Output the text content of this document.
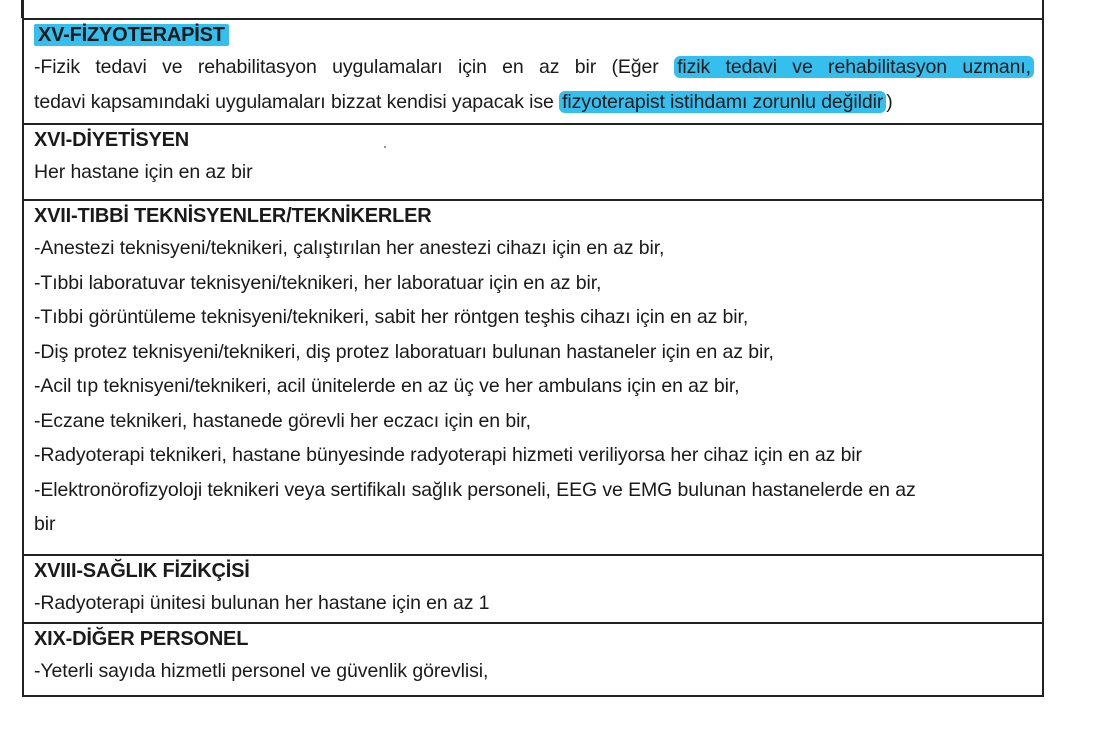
XV-FİZYOTERAPİST
-Fizik tedavi ve rehabilitasyon uygulamaları için en az bir (Eğer fizik tedavi ve rehabilitasyon uzmanı,
tedavi kapsamındaki uygulamaları bizzat kendisi yapacak ise fizyoterapist istihdamı zorunlu değildir )
XVI-DİYETİSYEN
Her hastane için en az bir
XVII-TIBBİ TEKNİSYENLER/TEKNİKERLER
-Anestezi teknisyeni/teknikeri, çalıştırılan her anestezi cihazı için en az bir,
-Tıbbi laboratuvar teknisyeni/teknikeri, her laboratuar için en az bir,
-Tıbbi görüntüleme teknisyeni/teknikeri, sabit her röntgen teşhis cihazı için en az bir,
-Diş protez teknisyeni/teknikeri, diş protez laboratuarı bulunan hastaneler için en az bir,
-Acil tıp teknisyeni/teknikeri, acil ünitelerde en az üç ve her ambulans için en az bir,
-Eczane teknikeri, hastanede görevli her eczacı için en bir,
-Radyoterapi teknikeri, hastane bünyesinde radyoterapi hizmeti veriliyorsa her cihaz için en az bir
-Elektronörofizyoloji teknikeri veya sertifikalı sağlık personeli, EEG ve EMG bulunan hastanelerde en az
bir
XVIII-SAĞLIK FİZİKÇİSİ
-Radyoterapi ünitesi bulunan her hastane için en az 1
XIX-DİĞER PERSONEL
-Yeterli sayıda hizmetli personel ve güvenlik görevlisi,
